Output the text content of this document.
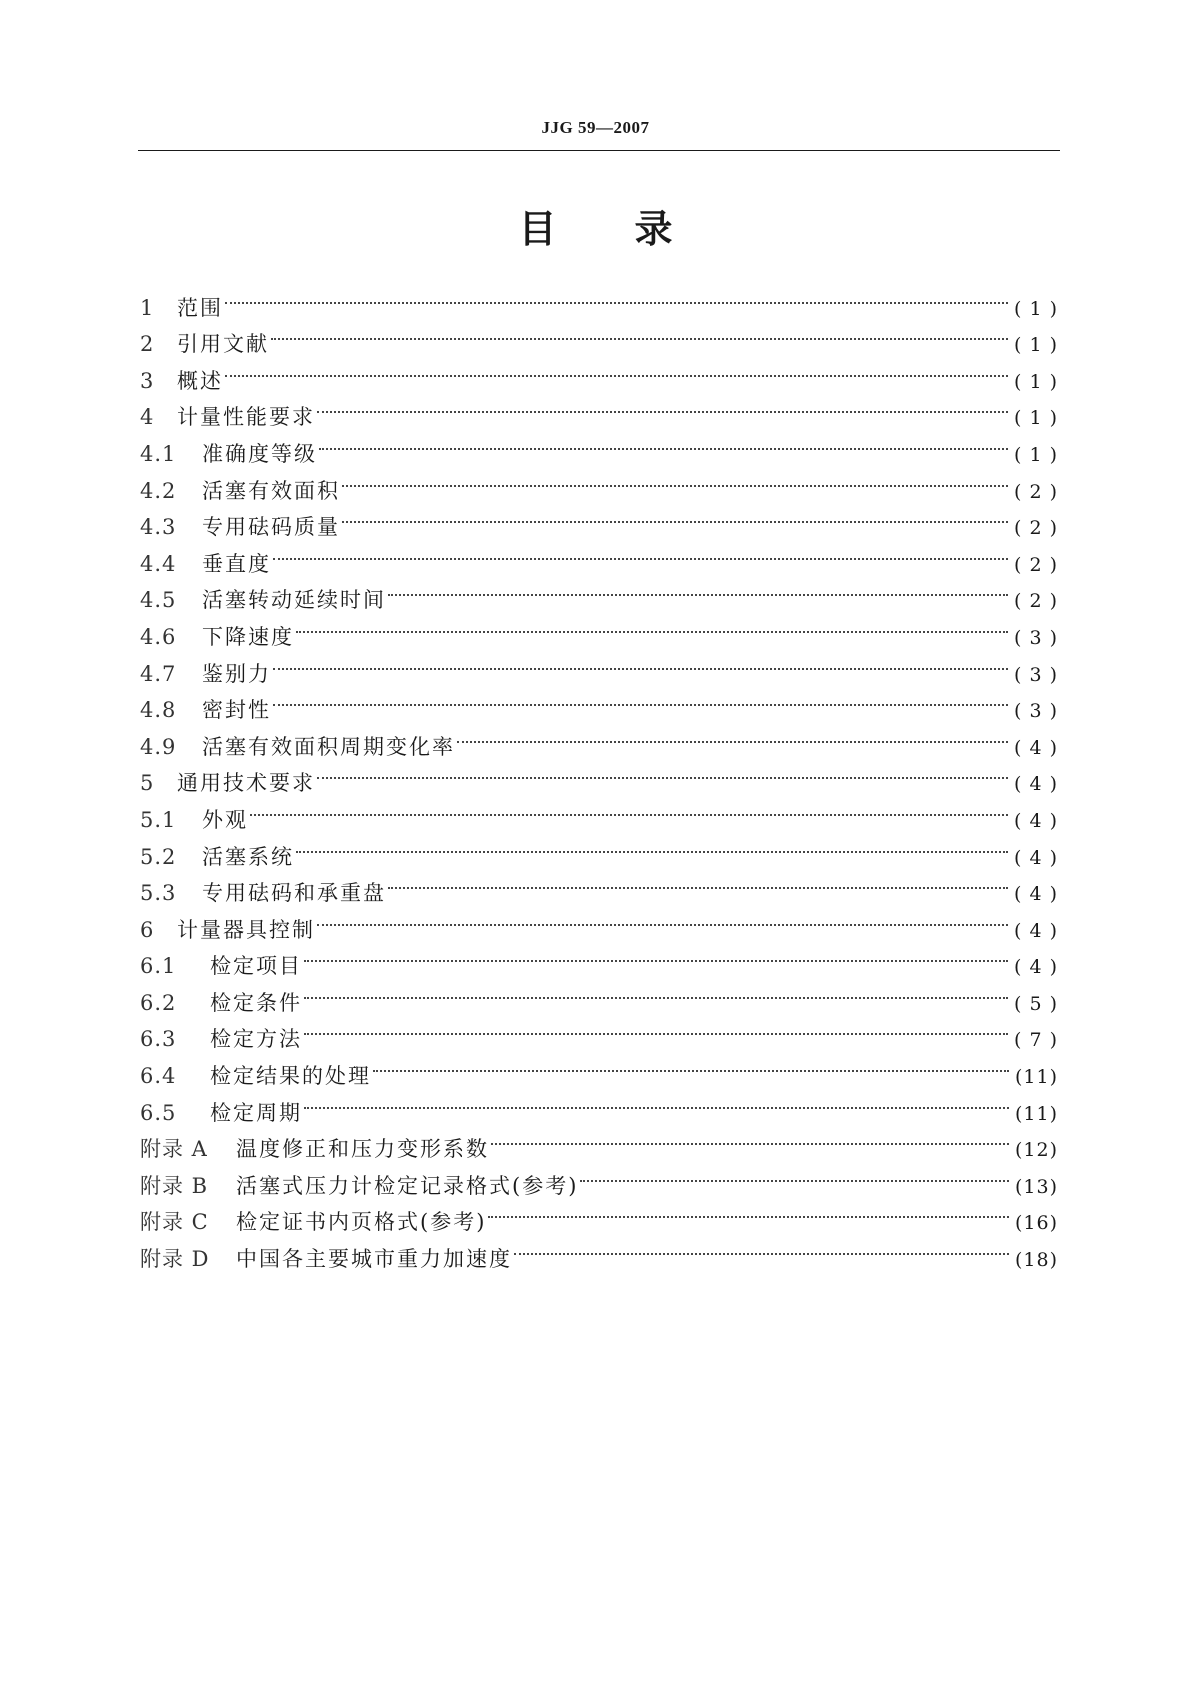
JJG 59—2007
目 录
1	范围	( 1 )
2	引用文献	( 1 )
3	概述	( 1 )
4	计量性能要求	( 1 )
4.1	准确度等级	( 1 )
4.2	活塞有效面积	( 2 )
4.3	专用砝码质量	( 2 )
4.4	垂直度	( 2 )
4.5	活塞转动延续时间	( 2 )
4.6	下降速度	( 3 )
4.7	鉴别力	( 3 )
4.8	密封性	( 3 )
4.9	活塞有效面积周期变化率	( 4 )
5	通用技术要求	( 4 )
5.1	外观	( 4 )
5.2	活塞系统	( 4 )
5.3	专用砝码和承重盘	( 4 )
6	计量器具控制	( 4 )
6.1	检定项目	( 4 )
6.2	检定条件	( 5 )
6.3	检定方法	( 7 )
6.4	检定结果的处理	(11)
6.5	检定周期	(11)
附录 A	温度修正和压力变形系数	(12)
附录 B	活塞式压力计检定记录格式(参考)	(13)
附录 C	检定证书内页格式(参考)	(16)
附录 D	中国各主要城市重力加速度	(18)
